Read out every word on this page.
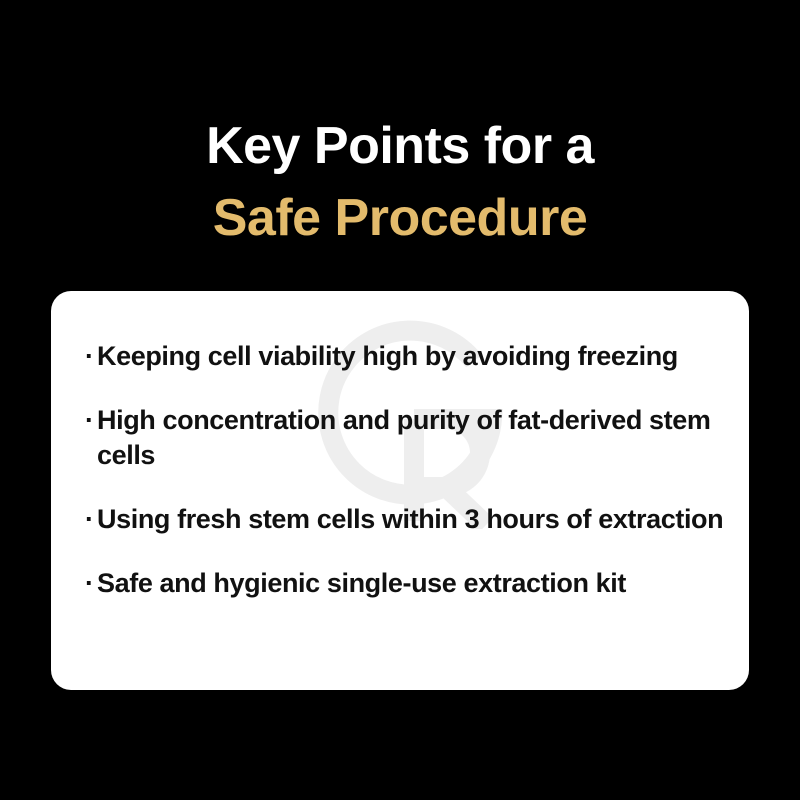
Key Points for a
Safe Procedure
· Keeping cell viability high by avoiding freezing
· High concentration and purity of fat-derived stem cells
· Using fresh stem cells within 3 hours of extraction
· Safe and hygienic single-use extraction kit
